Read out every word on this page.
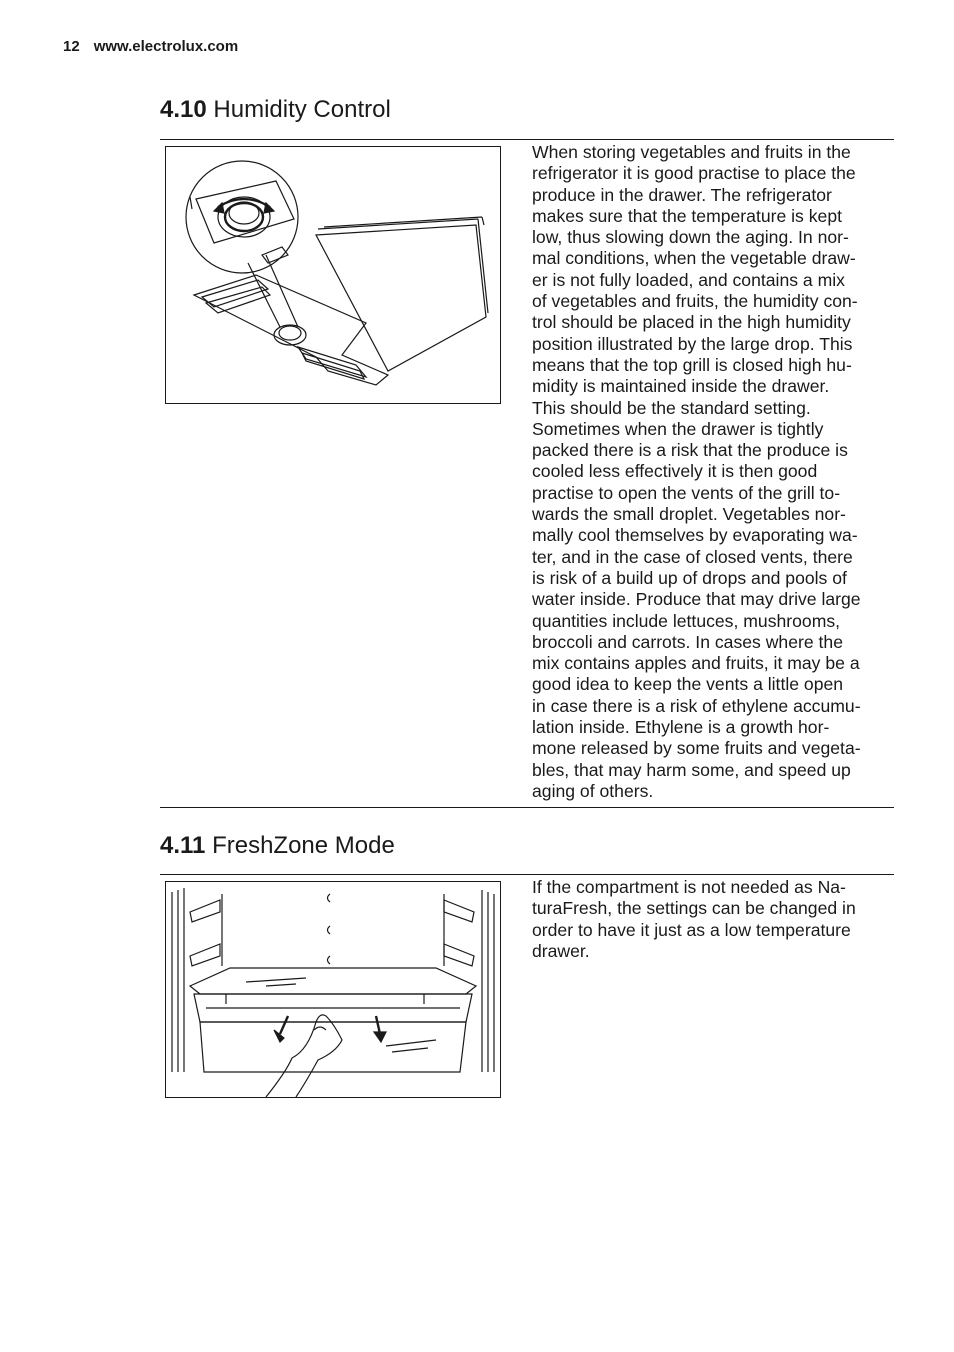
12 www.electrolux.com
4.10 Humidity Control
When storing vegetables and fruits in the
refrigerator it is good practise to place the
produce in the drawer. The refrigerator
makes sure that the temperature is kept
low, thus slowing down the aging. In nor-
mal conditions, when the vegetable draw-
er is not fully loaded, and contains a mix
of vegetables and fruits, the humidity con-
trol should be placed in the high humidity
position illustrated by the large drop. This
means that the top grill is closed high hu-
midity is maintained inside the drawer.
This should be the standard setting.
Sometimes when the drawer is tightly
packed there is a risk that the produce is
cooled less effectively it is then good
practise to open the vents of the grill to-
wards the small droplet. Vegetables nor-
mally cool themselves by evaporating wa-
ter, and in the case of closed vents, there
is risk of a build up of drops and pools of
water inside. Produce that may drive large
quantities include lettuces, mushrooms,
broccoli and carrots. In cases where the
mix contains apples and fruits, it may be a
good idea to keep the vents a little open
in case there is a risk of ethylene accumu-
lation inside. Ethylene is a growth hor-
mone released by some fruits and vegeta-
bles, that may harm some, and speed up
aging of others.
4.11 FreshZone Mode
If the compartment is not needed as Na-
turaFresh, the settings can be changed in
order to have it just as a low temperature
drawer.
